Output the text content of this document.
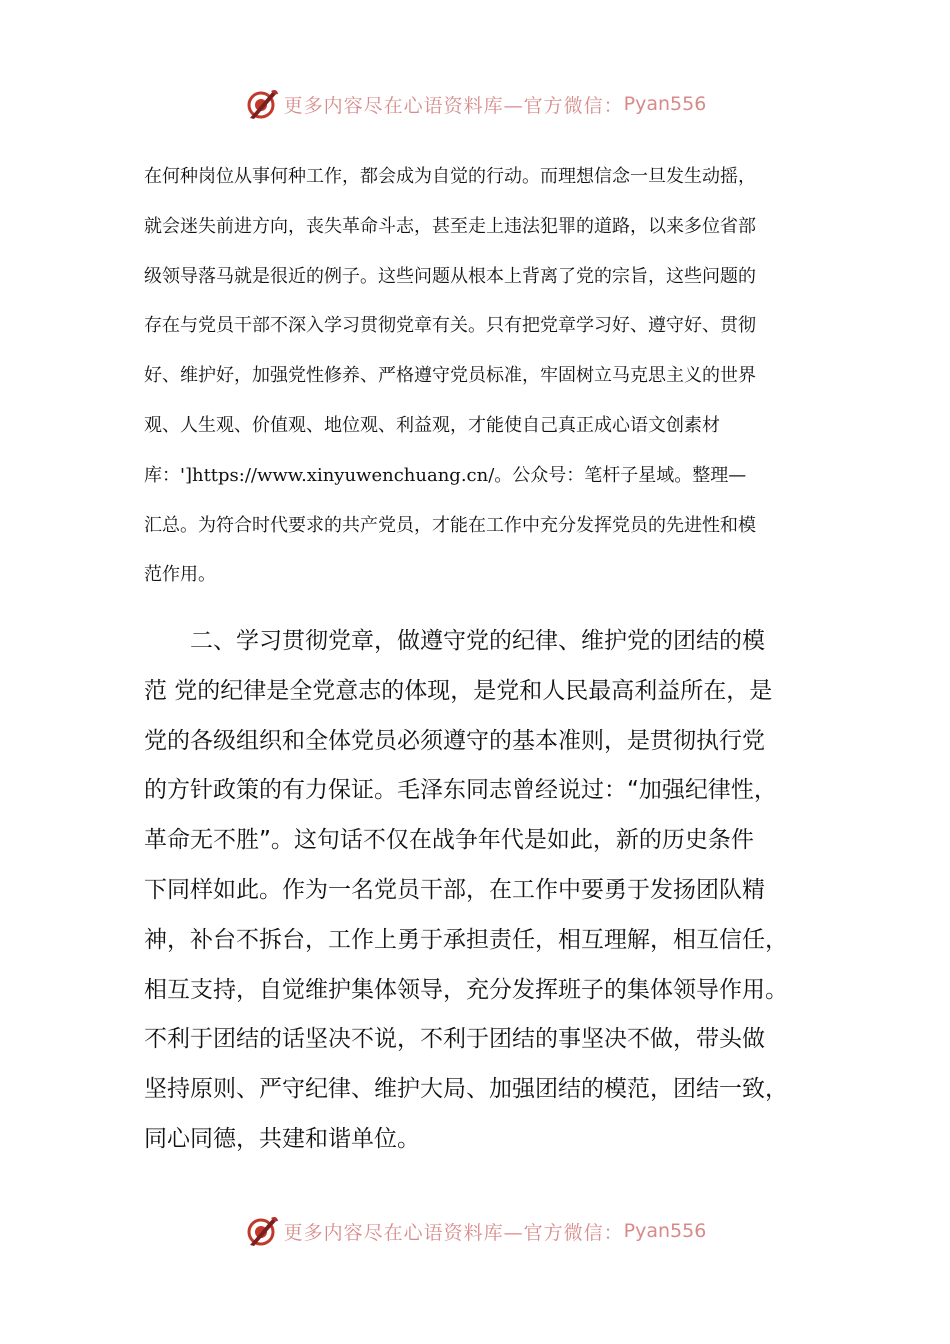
更多内容尽在心语资料库—官方微信： Pyan556
在何种岗位从事何种工作，都会成为自觉的行动。而理想信念一旦发生动摇，
就会迷失前进方向，丧失革命斗志，甚至走上违法犯罪的道路，以来多位省部
级领导落马就是很近的例子。这些问题从根本上背离了党的宗旨，这些问题的
存在与党员干部不深入学习贯彻党章有关。只有把党章学习好、遵守好、贯彻
好、维护好，加强党性修养、严格遵守党员标准，牢固树立马克思主义的世界
观、人生观、价值观、地位观、利益观，才能使自己真正成心语文创素材
库：']https://www.xinyuwenchuang.cn/。公众号：笔杆子星域。整理—
汇总。为符合时代要求的共产党员，才能在工作中充分发挥党员的先进性和模
范作用。
二、学习贯彻党章，做遵守党的纪律、维护党的团结的模
范 党的纪律是全党意志的体现，是党和人民最高利益所在，是
党的各级组织和全体党员必须遵守的基本准则，是贯彻执行党
的方针政策的有力保证。毛泽东同志曾经说过：“加强纪律性，
革命无不胜”。这句话不仅在战争年代是如此，新的历史条件
下同样如此。作为一名党员干部，在工作中要勇于发扬团队精
神，补台不拆台，工作上勇于承担责任，相互理解，相互信任，
相互支持，自觉维护集体领导，充分发挥班子的集体领导作用。
不利于团结的话坚决不说，不利于团结的事坚决不做，带头做
坚持原则、严守纪律、维护大局、加强团结的模范，团结一致，
同心同德，共建和谐单位。
更多内容尽在心语资料库—官方微信： Pyan556
